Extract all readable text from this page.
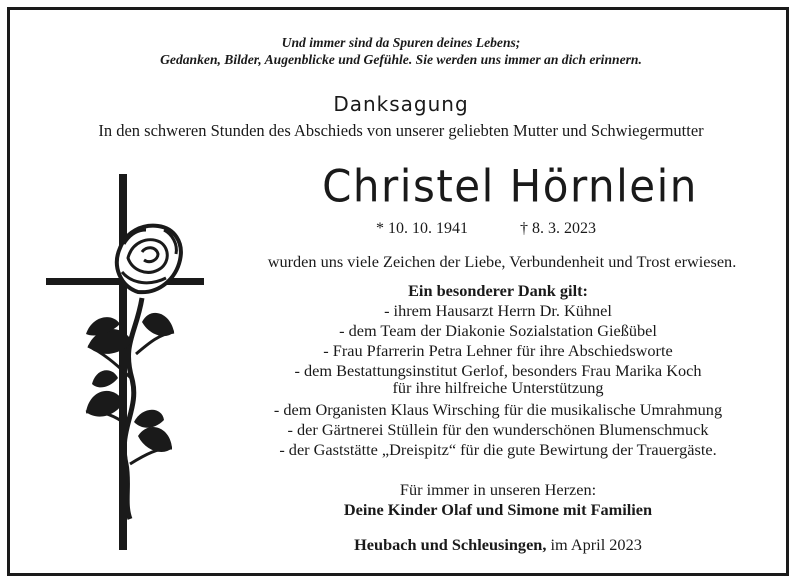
Und immer sind da Spuren deines Lebens;
Gedanken, Bilder, Augenblicke und Gefühle. Sie werden uns immer an dich erinnern.
Danksagung
In den schweren Stunden des Abschieds von unserer geliebten Mutter und Schwiegermutter
Christel Hörnlein
* 10. 10. 1941	† 8. 3. 2023
wurden uns viele Zeichen der Liebe, Verbundenheit und Trost erwiesen.
Ein besonderer Dank gilt:
- ihrem Hausarzt Herrn Dr. Kühnel
- dem Team der Diakonie Sozialstation Gießübel
- Frau Pfarrerin Petra Lehner für ihre Abschiedsworte
- dem Bestattungsinstitut Gerlof, besonders Frau Marika Koch
für ihre hilfreiche Unterstützung
- dem Organisten Klaus Wirsching für die musikalische Umrahmung
- der Gärtnerei Stüllein für den wunderschönen Blumenschmuck
- der Gaststätte „Dreispitz“ für die gute Bewirtung der Trauergäste.
Für immer in unseren Herzen:
Deine Kinder Olaf und Simone mit Familien
Heubach und Schleusingen, im April 2023
